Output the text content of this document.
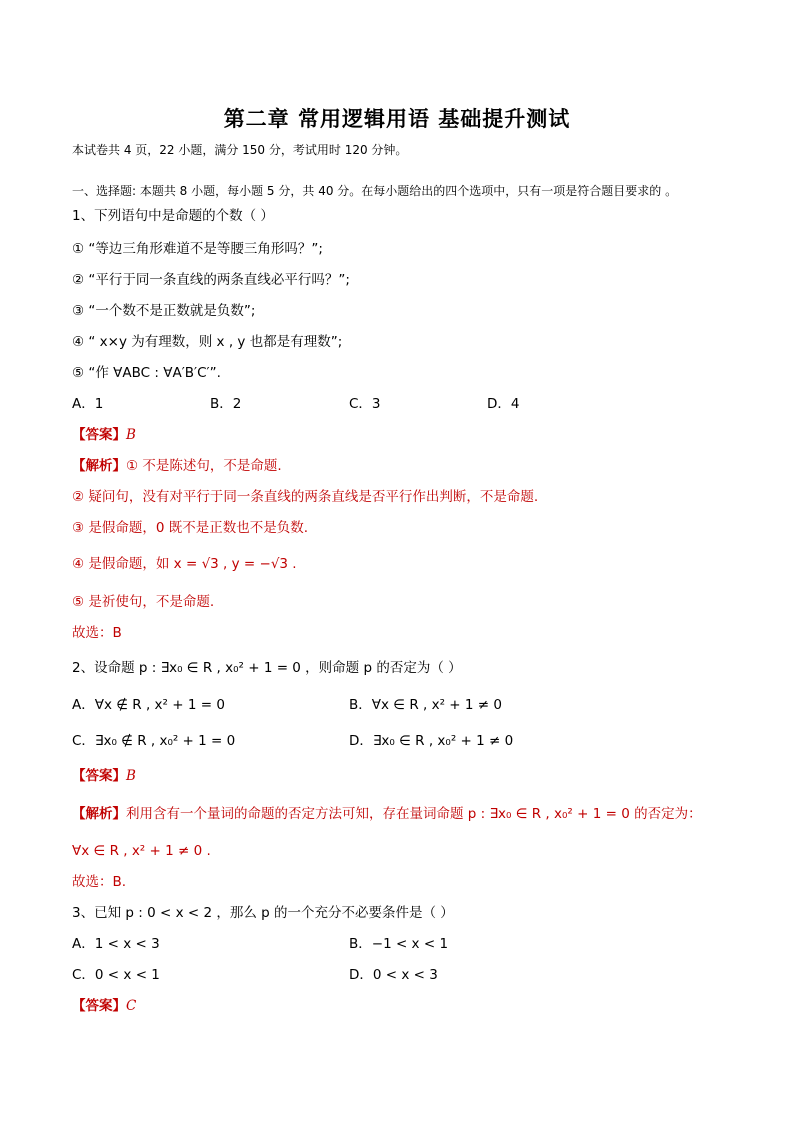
第二章 常用逻辑用语 基础提升测试
本试卷共 4 页，22 小题，满分 150 分，考试用时 120 分钟。
一、选择题: 本题共 8 小题，每小题 5 分，共 40 分。在每小题给出的四个选项中，只有一项是符合题目要求的 。
1、下列语句中是命题的个数（ ）
① “等边三角形难道不是等腰三角形吗？”;
② “平行于同一条直线的两条直线必平行吗？”;
③ “一个数不是正数就是负数”;
④ “ x×y 为有理数，则 x , y 也都是有理数”;
⑤ “作 ∀ABC : ∀A′B′C′”.
A．1	B．2	C．3	D．4
【答案】B
【解析】① 不是陈述句，不是命题.
② 疑问句，没有对平行于同一条直线的两条直线是否平行作出判断，不是命题.
③ 是假命题，0 既不是正数也不是负数.
④ 是假命题，如 x = √3 , y = −√3 .
⑤ 是祈使句，不是命题.
故选：B
2、设命题 p : ∃x₀ ∈ R , x₀² + 1 = 0 ，则命题 p 的否定为（ ）
A．∀x ∉ R , x² + 1 = 0	B．∀x ∈ R , x² + 1 ≠ 0
C．∃x₀ ∉ R , x₀² + 1 = 0	D．∃x₀ ∈ R , x₀² + 1 ≠ 0
【答案】B
【解析】利用含有一个量词的命题的否定方法可知，存在量词命题 p : ∃x₀ ∈ R , x₀² + 1 = 0 的否定为：
∀x ∈ R , x² + 1 ≠ 0 .
故选：B.
3、已知 p : 0 < x < 2 ，那么 p 的一个充分不必要条件是（ ）
A．1 < x < 3	B．−1 < x < 1
C．0 < x < 1	D．0 < x < 3
【答案】C
